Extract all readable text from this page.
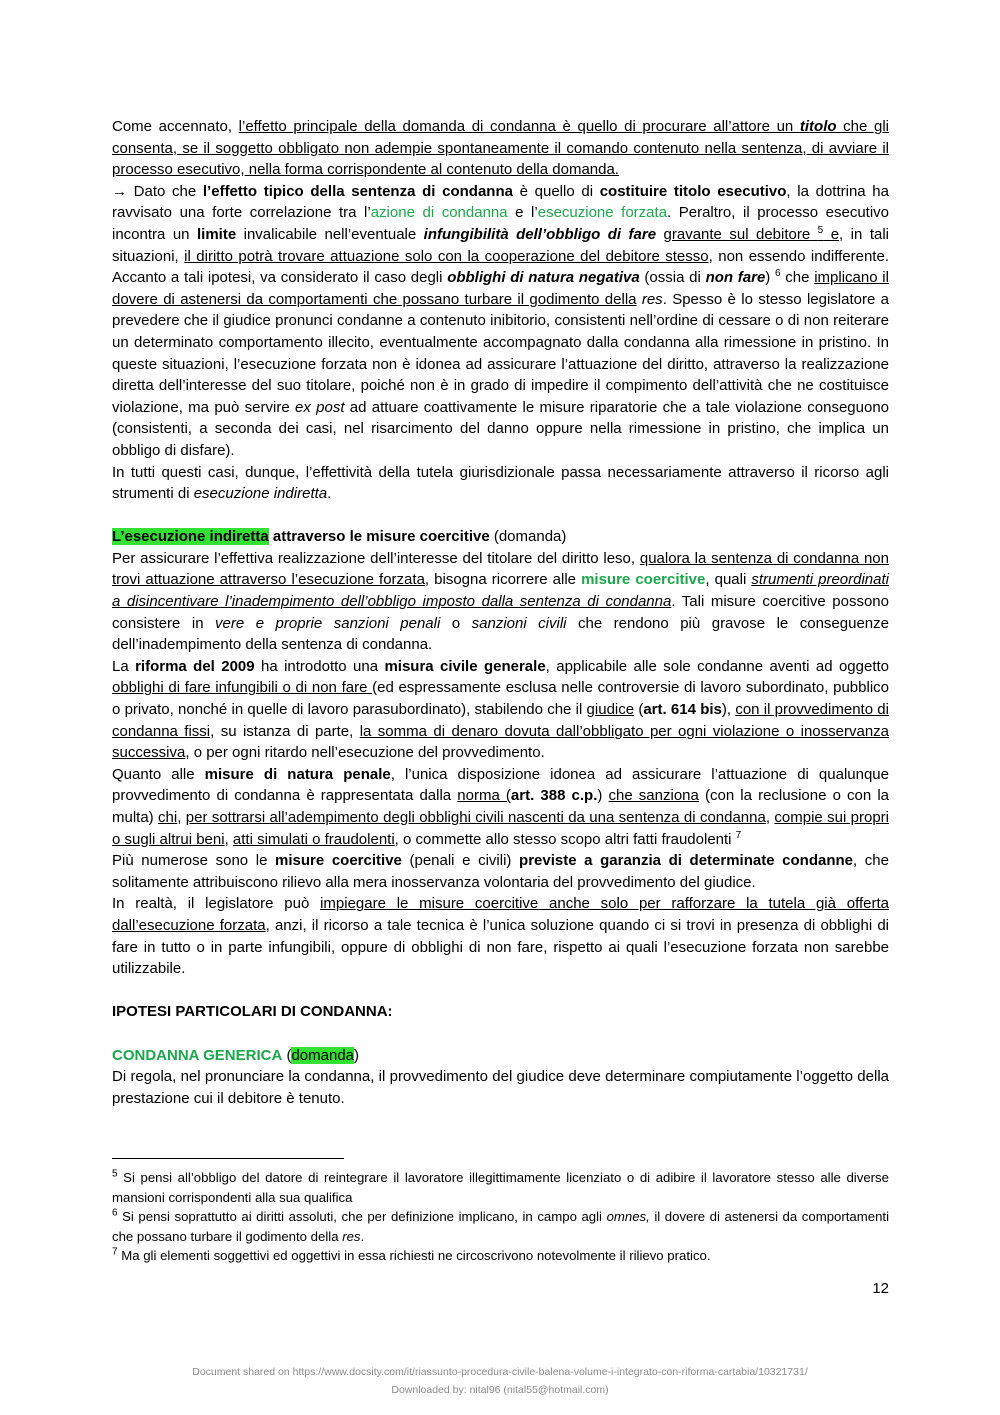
Come accennato, l’effetto principale della domanda di condanna è quello di procurare all’attore un titolo che gli consenta, se il soggetto obbligato non adempie spontaneamente il comando contenuto nella sentenza, di avviare il processo esecutivo, nella forma corrispondente al contenuto della domanda.

→ Dato che l’effetto tipico della sentenza di condanna è quello di costituire titolo esecutivo, la dottrina ha ravvisato una forte correlazione tra l’azione di condanna e l’esecuzione forzata. Peraltro, il processo esecutivo incontra un limite invalicabile nell’eventuale infungibilità dell’obbligo di fare gravante sul debitore $^5$ e, in tali situazioni, il diritto potrà trovare attuazione solo con la cooperazione del debitore stesso, non essendo indifferente. Accanto a tali ipotesi, va considerato il caso degli obblighi di natura negativa (ossia di non fare) $^6$ che implicano il dovere di astenersi da comportamenti che possano turbare il godimento della res. Spesso è lo stesso legislatore a prevedere che il giudice pronunci condanne a contenuto inibitorio, consistenti nell’ordine di cessare o di non reiterare un determinato comportamento illecito, eventualmente accompagnato dalla condanna alla rimessione in pristino. In queste situazioni, l’esecuzione forzata non è idonea ad assicurare l’attuazione del diritto, attraverso la realizzazione diretta dell’interesse del suo titolare, poiché non è in grado di impedire il compimento dell’attività che ne costituisce violazione, ma può servire ex post ad attuare coattivamente le misure riparatorie che a tale violazione conseguono (consistenti, a seconda dei casi, nel risarcimento del danno oppure nella rimessione in pristino, che implica un obbligo di disfare).

In tutti questi casi, dunque, l’effettività della tutela giurisdizionale passa necessariamente attraverso il ricorso agli strumenti di esecuzione indiretta.

L’esecuzione indiretta attraverso le misure coercitive (domanda)

Per assicurare l’effettiva realizzazione dell’interesse del titolare del diritto leso, qualora la sentenza di condanna non trovi attuazione attraverso l’esecuzione forzata, bisogna ricorrere alle misure coercitive, quali strumenti preordinati a disincentivare l’inadempimento dell’obbligo imposto dalla sentenza di condanna. Tali misure coercitive possono consistere in vere e proprie sanzioni penali o sanzioni civili che rendono più gravose le conseguenze dell’inadempimento della sentenza di condanna.

La riforma del 2009 ha introdotto una misura civile generale, applicabile alle sole condanne aventi ad oggetto obblighi di fare infungibili o di non fare (ed espressamente esclusa nelle controversie di lavoro subordinato, pubblico o privato, nonché in quelle di lavoro parasubordinato), stabilendo che il giudice (art. 614 bis), con il provvedimento di condanna fissi, su istanza di parte, la somma di denaro dovuta dall’obbligato per ogni violazione o inosservanza successiva, o per ogni ritardo nell’esecuzione del provvedimento.

Quanto alle misure di natura penale, l’unica disposizione idonea ad assicurare l’attuazione di qualunque provvedimento di condanna è rappresentata dalla norma (art. 388 c.p.) che sanziona (con la reclusione o con la multa) chi, per sottrarsi all’adempimento degli obblighi civili nascenti da una sentenza di condanna, compie sui propri o sugli altrui beni, atti simulati o fraudolenti, o commette allo stesso scopo altri fatti fraudolenti $^7$

Più numerose sono le misure coercitive (penali e civili) previste a garanzia di determinate condanne, che solitamente attribuiscono rilievo alla mera inosservanza volontaria del provvedimento del giudice.

In realtà, il legislatore può impiegare le misure coercitive anche solo per rafforzare la tutela già offerta dall’esecuzione forzata, anzi, il ricorso a tale tecnica è l’unica soluzione quando ci si trovi in presenza di obblighi di fare in tutto o in parte infungibili, oppure di obblighi di non fare, rispetto ai quali l’esecuzione forzata non sarebbe utilizzabile.

IPOTESI PARTICOLARI DI CONDANNA:

CONDANNA GENERICA (domanda)

Di regola, nel pronunciare la condanna, il provvedimento del giudice deve determinare compiutamente l’oggetto della prestazione cui il debitore è tenuto.

$^5$ Si pensi all’obbligo del datore di reintegrare il lavoratore illegittimamente licenziato o di adibire il lavoratore stesso alle diverse mansioni corrispondenti alla sua qualifica

$^6$ Si pensi soprattutto ai diritti assoluti, che per definizione implicano, in campo agli omnes, il dovere di astenersi da comportamenti che possano turbare il godimento della res.

$^7$ Ma gli elementi soggettivi ed oggettivi in essa richiesti ne circoscrivono notevolmente il rilievo pratico.

12
Document shared on https://www.docsity.com/it/riassunto-procedura-civile-balena-volume-i-integrato-con-riforma-cartabia/10321731/
Downloaded by: nital96 (nital55@hotmail.com)
